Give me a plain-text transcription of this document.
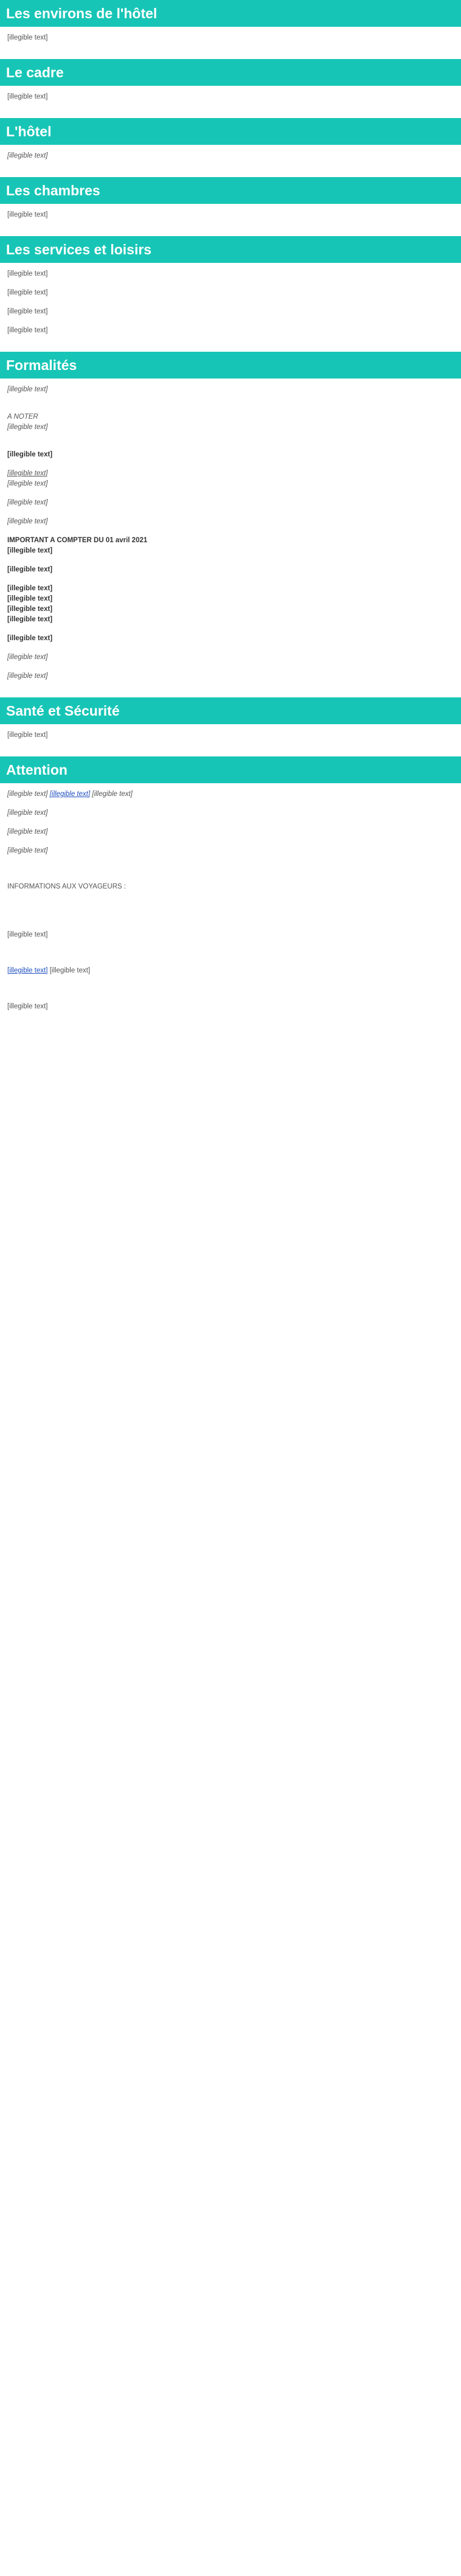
Les environs de l'hôtel

[illegible text]

Le cadre

[illegible text]

L'hôtel

[illegible text]

Les chambres

[illegible text]

Les services et loisirs

[illegible text]

[illegible text]

[illegible text]

[illegible text]

Formalités

[illegible text]

A NOTER

[illegible text]

[illegible text]

[illegible text]

[illegible text]

[illegible text]

[illegible text]

IMPORTANT A COMPTER DU 01 avril 2021

[illegible text]

[illegible text]

[illegible text]

[illegible text]

[illegible text]

[illegible text]

[illegible text]

[illegible text]

[illegible text]

Santé et Sécurité

[illegible text]

Attention

[illegible text] [illegible text] [illegible text]

[illegible text]

[illegible text]

[illegible text]

INFORMATIONS AUX VOYAGEURS :

[illegible text]

[illegible text] [illegible text]

[illegible text]
